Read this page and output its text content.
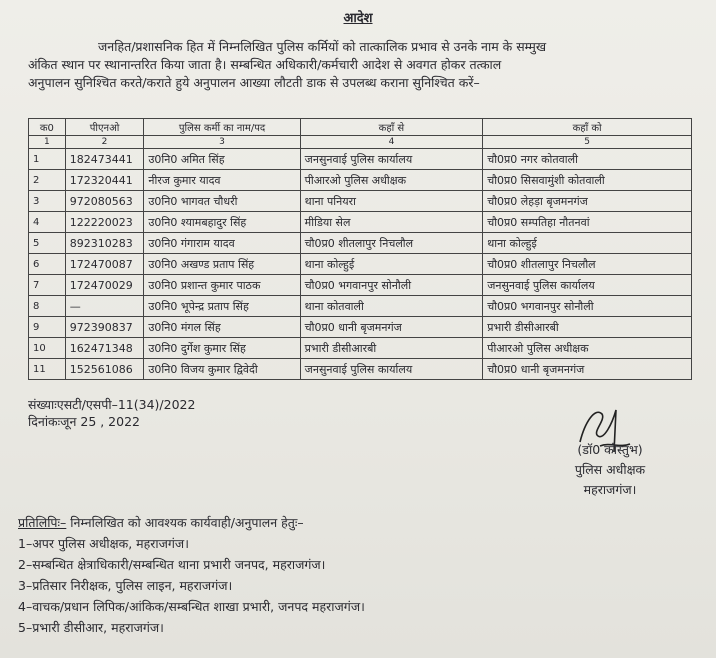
आदेश
जनहित/प्रशासनिक हित में निम्नलिखित पुलिस कर्मियों को तात्कालिक प्रभाव से उनके नाम के सम्मुख
अंकित स्थान पर स्थानान्तरित किया जाता है। सम्बन्धित अधिकारी/कर्मचारी आदेश से अवगत होकर तत्काल
अनुपालन सुनिश्चित करते/कराते हुये अनुपालन आख्या लौटती डाक से उपलब्ध कराना सुनिश्चित करें–
क0	पीएनओ	पुलिस कर्मी का नाम/पद	कहाँ से	कहाँ को
1	2	3	4	5
1	182473441	उ0नि0 अमित सिंह	जनसुनवाई पुलिस कार्यालय	चौ0प्र0 नगर कोतवाली
2	172320441	नीरज कुमार यादव	पीआरओ पुलिस अधीक्षक	चौ0प्र0 सिसवामुंशी कोतवाली
3	972080563	उ0नि0 भागवत चौधरी	थाना पनियरा	चौ0प्र0 लेहड़ा बृजमनगंज
4	122220023	उ0नि0 श्यामबहादुर सिंह	मीडिया सेल	चौ0प्र0 सम्पतिहा नौतनवां
5	892310283	उ0नि0 गंगाराम यादव	चौ0प्र0 शीतलापुर निचलौल	थाना कोल्हुई
6	172470087	उ0नि0 अखण्ड प्रताप सिंह	थाना कोल्हुई	चौ0प्र0 शीतलापुर निचलौल
7	172470029	उ0नि0 प्रशान्त कुमार पाठक	चौ0प्र0 भगवानपुर सोनौली	जनसुनवाई पुलिस कार्यालय
8	—	उ0नि0 भूपेन्द्र प्रताप सिंह	थाना कोतवाली	चौ0प्र0 भगवानपुर सोनौली
9	972390837	उ0नि0 मंगल सिंह	चौ0प्र0 धानी बृजमनगंज	प्रभारी डीसीआरबी
10	162471348	उ0नि0 दुर्गेश कुमार सिंह	प्रभारी डीसीआरबी	पीआरओ पुलिस अधीक्षक
11	152561086	उ0नि0 विजय कुमार द्विवेदी	जनसुनवाई पुलिस कार्यालय	चौ0प्र0 धानी बृजमनगंज
संख्याःएसटी/एसपी–11(34)/2022
दिनांकःजून 25 , 2022
(डॉ0 कौस्तुभ)
पुलिस अधीक्षक
महराजगंज।
प्रतिलिपिः– निम्नलिखित को आवश्यक कार्यवाही/अनुपालन हेतुः–
1–अपर पुलिस अधीक्षक, महराजगंज।
2–सम्बन्धित क्षेत्राधिकारी/सम्बन्धित थाना प्रभारी जनपद, महराजगंज।
3–प्रतिसार निरीक्षक, पुलिस लाइन, महराजगंज।
4–वाचक/प्रधान लिपिक/आंकिक/सम्बन्धित शाखा प्रभारी, जनपद महराजगंज।
5–प्रभारी डीसीआर, महराजगंज।
